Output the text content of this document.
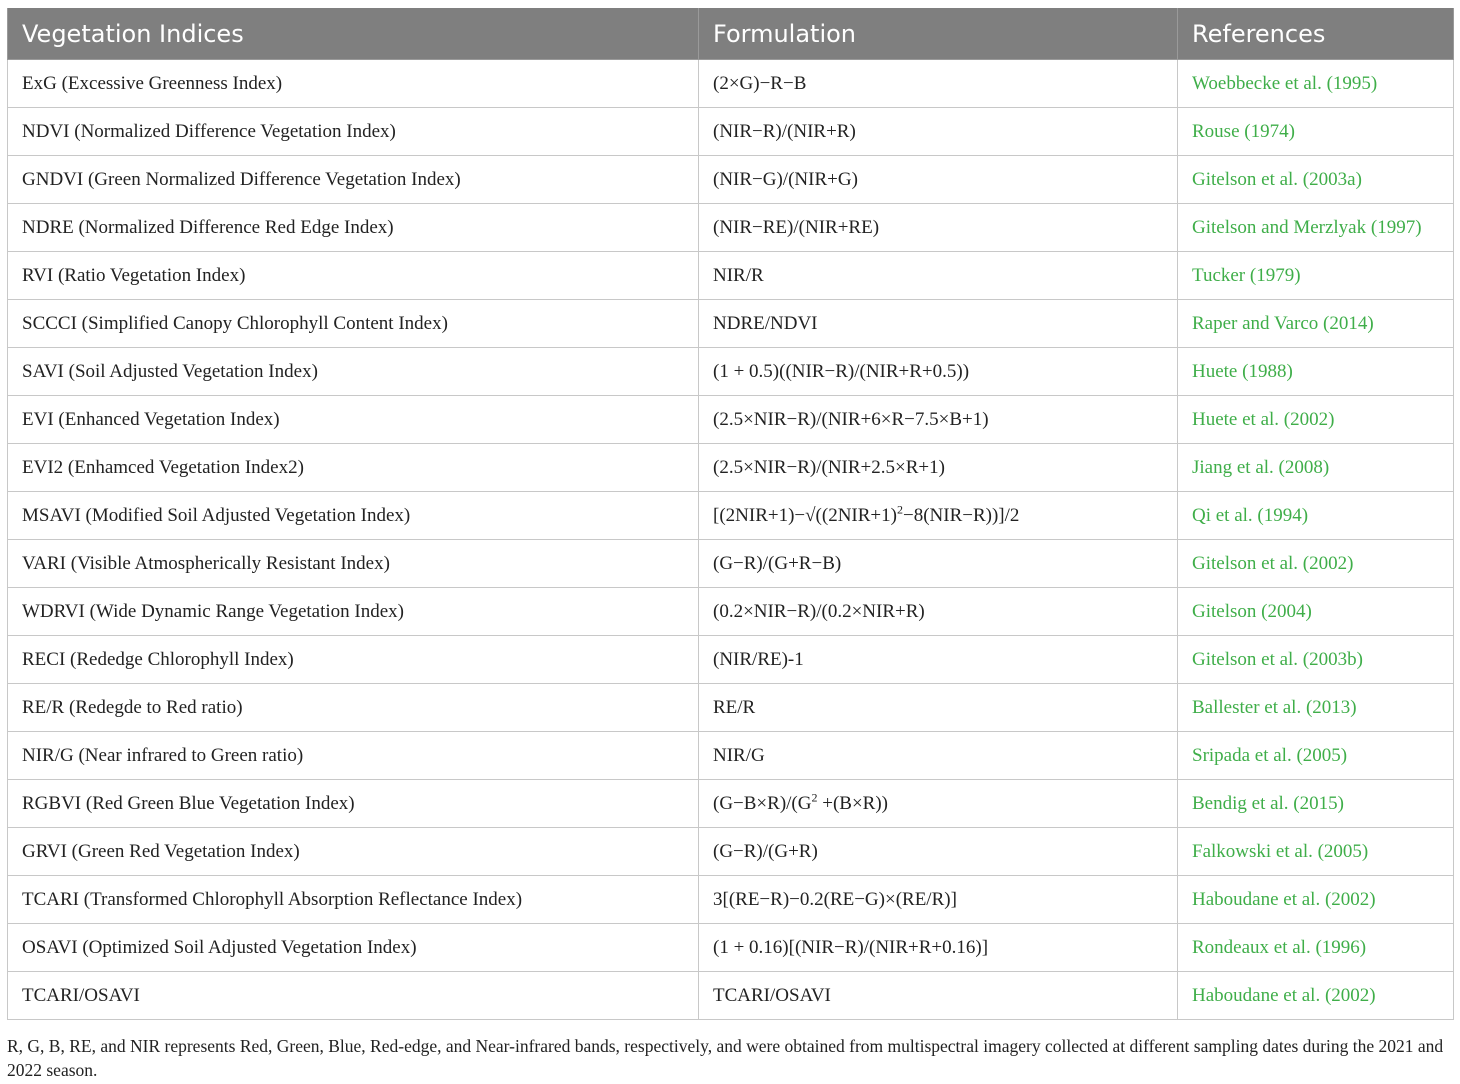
Vegetation Indices	Formulation	References
ExG (Excessive Greenness Index)	(2×G)−R−B	Woebbecke et al. (1995)
NDVI (Normalized Difference Vegetation Index)	(NIR−R)/(NIR+R)	Rouse (1974)
GNDVI (Green Normalized Difference Vegetation Index)	(NIR−G)/(NIR+G)	Gitelson et al. (2003a)
NDRE (Normalized Difference Red Edge Index)	(NIR−RE)/(NIR+RE)	Gitelson and Merzlyak (1997)
RVI (Ratio Vegetation Index)	NIR/R	Tucker (1979)
SCCCI (Simplified Canopy Chlorophyll Content Index)	NDRE/NDVI	Raper and Varco (2014)
SAVI (Soil Adjusted Vegetation Index)	(1 + 0.5)((NIR−R)/(NIR+R+0.5))	Huete (1988)
EVI (Enhanced Vegetation Index)	(2.5×NIR−R)/(NIR+6×R−7.5×B+1)	Huete et al. (2002)
EVI2 (Enhamced Vegetation Index2)	(2.5×NIR−R)/(NIR+2.5×R+1)	Jiang et al. (2008)
MSAVI (Modified Soil Adjusted Vegetation Index)	$[(2NIR+1)-√((2NIR+1)^2-8(NIR-R))]/2$	Qi et al. (1994)
VARI (Visible Atmospherically Resistant Index)	(G−R)/(G+R−B)	Gitelson et al. (2002)
WDRVI (Wide Dynamic Range Vegetation Index)	(0.2×NIR−R)/(0.2×NIR+R)	Gitelson (2004)
RECI (Rededge Chlorophyll Index)	(NIR/RE)-1	Gitelson et al. (2003b)
RE/R (Redegde to Red ratio)	RE/R	Ballester et al. (2013)
NIR/G (Near infrared to Green ratio)	NIR/G	Sripada et al. (2005)
RGBVI (Red Green Blue Vegetation Index)	$(G-B\times R)/(G^2 +(B\times R))$	Bendig et al. (2015)
GRVI (Green Red Vegetation Index)	(G−R)/(G+R)	Falkowski et al. (2005)
TCARI (Transformed Chlorophyll Absorption Reflectance Index)	3[(RE−R)−0.2(RE−G)×(RE/R)]	Haboudane et al. (2002)
OSAVI (Optimized Soil Adjusted Vegetation Index)	(1 + 0.16)[(NIR−R)/(NIR+R+0.16)]	Rondeaux et al. (1996)
TCARI/OSAVI	TCARI/OSAVI	Haboudane et al. (2002)
R, G, B, RE, and NIR represents Red, Green, Blue, Red-edge, and Near-infrared bands, respectively, and were obtained from multispectral imagery collected at different sampling dates during the 2021 and 2022 season.
